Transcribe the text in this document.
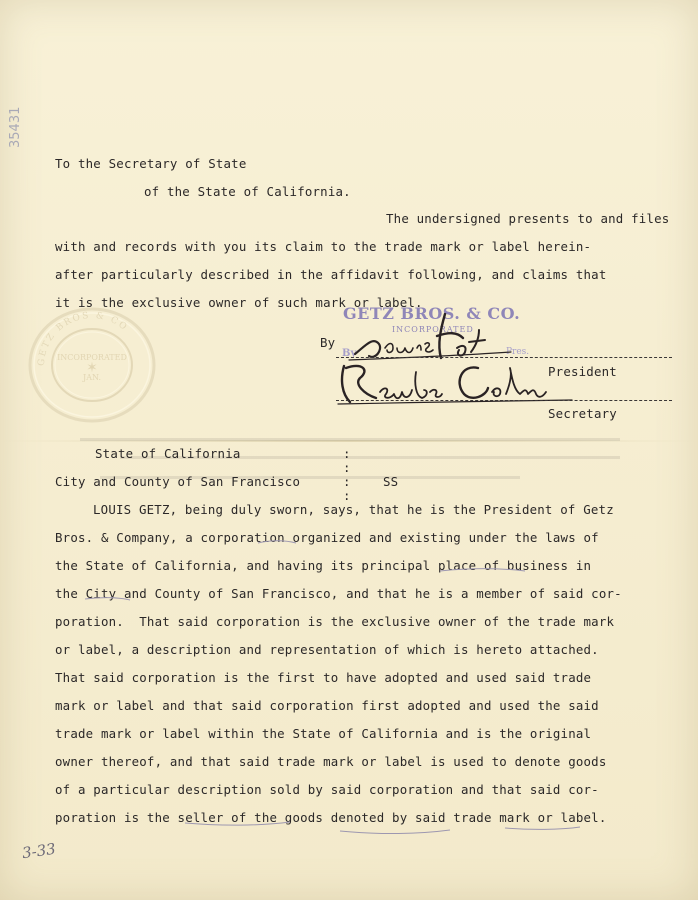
35431
INCORPORATED
JAN.
✶
GETZ BROS & CO
To the Secretary of State
of the State of California.
The undersigned presents to and files
with and records with you its claim to the trade mark or label herein-
after particularly described in the affidavit following, and claims that
it is the exclusive owner of such mark or label.
GETZ BROS. & CO.
INCORPORATED
By	Pres.
By
President
Secretary
State of California	:
:
City and County of San Francisco	:	SS
:
LOUIS GETZ, being duly sworn, says, that he is the President of Getz
Bros. & Company, a corporation organized and existing under the laws of
the State of California, and having its principal place of business in
the City and County of San Francisco, and that he is a member of said cor-
poration.  That said corporation is the exclusive owner of the trade mark
or label, a description and representation of which is hereto attached.
That said corporation is the first to have adopted and used said trade
mark or label and that said corporation first adopted and used the said
trade mark or label within the State of California and is the original
owner thereof, and that said trade mark or label is used to denote goods
of a particular description sold by said corporation and that said cor-
poration is the seller of the goods denoted by said trade mark or label.
3-33
